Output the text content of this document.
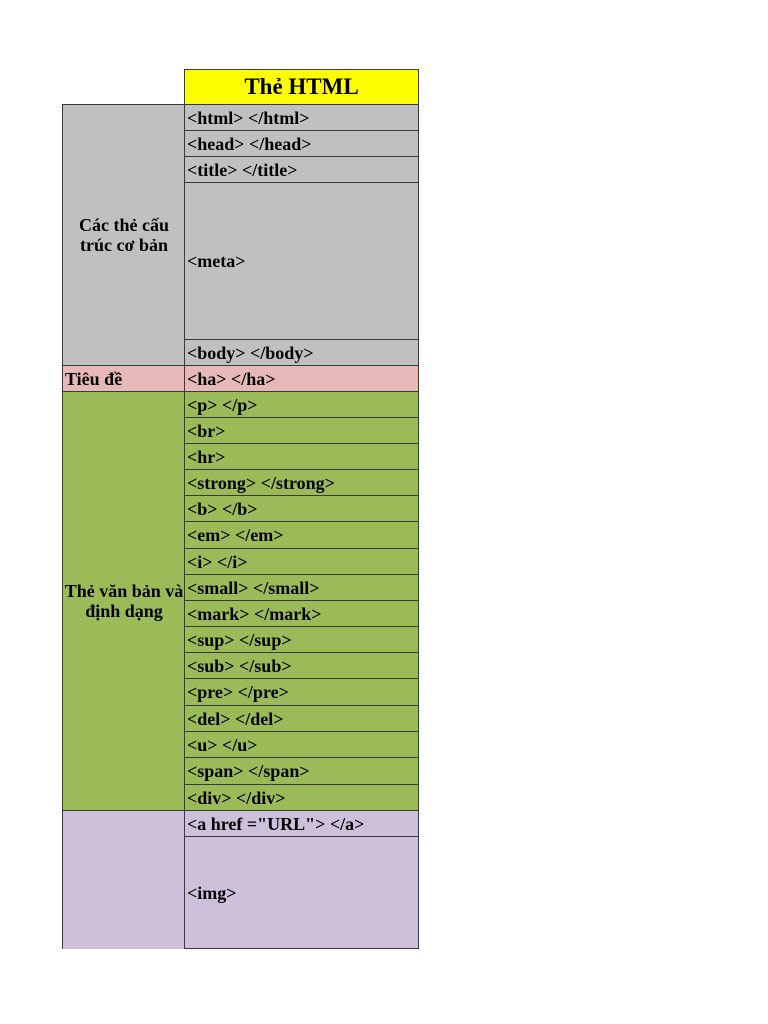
Thẻ HTML
Các thẻ cấu trúc cơ bản
<html> </html>
<head> </head>
<title> </title>
<meta>
<body> </body>
Tiêu đề	<ha> </ha>
Thẻ văn bản và định dạng
<p> </p>
<br>
<hr>
<strong> </strong>
<b> </b>
<em> </em>
<i> </i>
<small> </small>
<mark> </mark>
<sup> </sup>
<sub> </sub>
<pre> </pre>
<del> </del>
<u> </u>
<span> </span>
<div> </div>
<a href ="URL"> </a>
<img>
